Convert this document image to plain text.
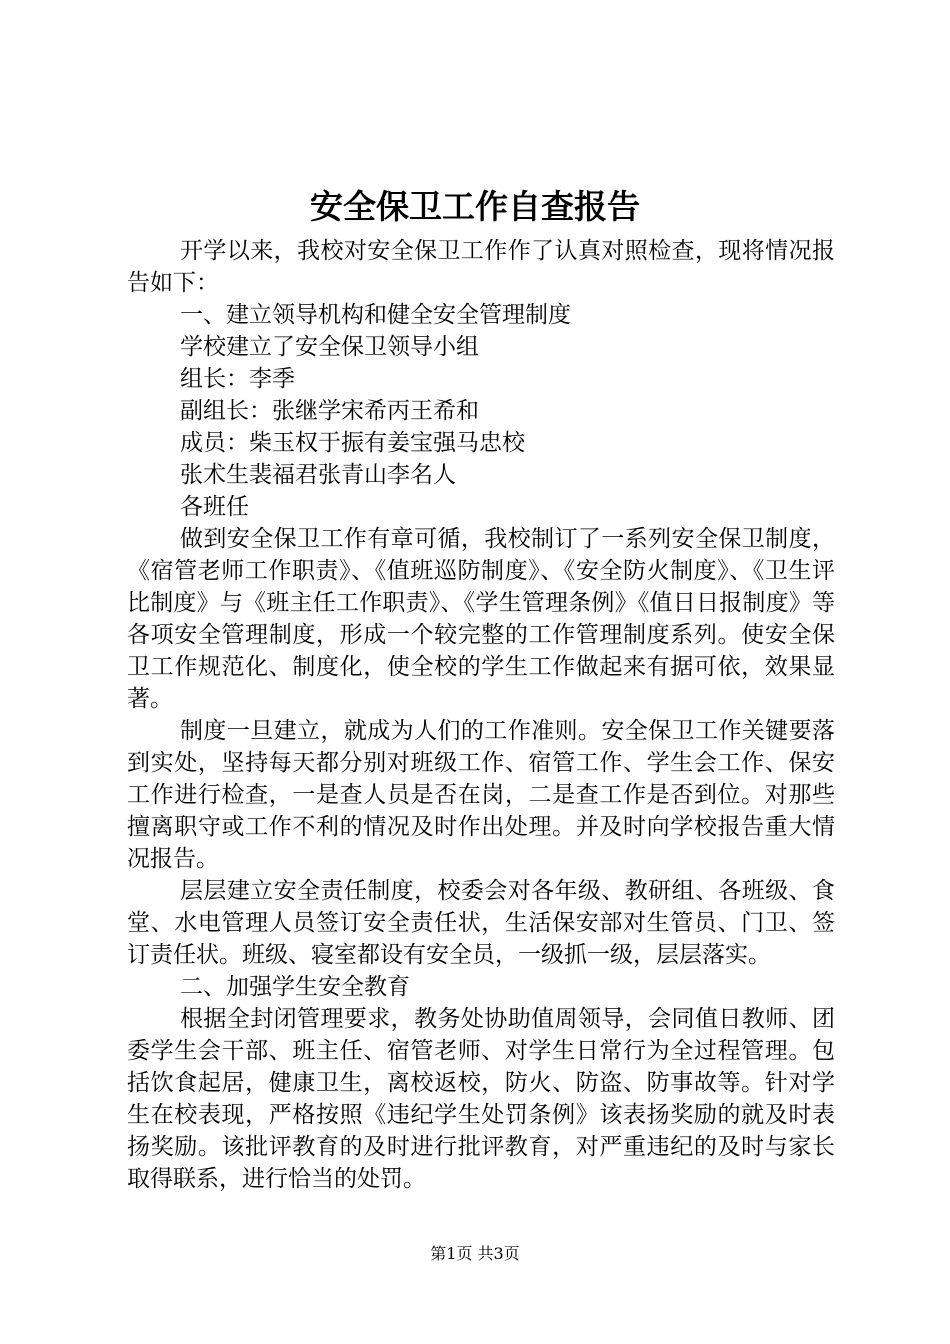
安全保卫工作自查报告

开学以来，我校对安全保卫工作作了认真对照检查，现将情况报告如下：

一、建立领导机构和健全安全管理制度

学校建立了安全保卫领导小组

组长：李季

副组长：张继学宋希丙王希和

成员：柴玉权于振有姜宝强马忠校

张术生裴福君张青山李名人

各班任

做到安全保卫工作有章可循，我校制订了一系列安全保卫制度，《宿管老师工作职责》、《值班巡防制度》、《安全防火制度》、《卫生评比制度》与《班主任工作职责》、《学生管理条例》《值日日报制度》等各项安全管理制度，形成一个较完整的工作管理制度系列。使安全保卫工作规范化、制度化，使全校的学生工作做起来有据可依，效果显著。

制度一旦建立，就成为人们的工作准则。安全保卫工作关键要落到实处，坚持每天都分别对班级工作、宿管工作、学生会工作、保安工作进行检查，一是查人员是否在岗，二是查工作是否到位。对那些擅离职守或工作不利的情况及时作出处理。并及时向学校报告重大情况报告。

层层建立安全责任制度，校委会对各年级、教研组、各班级、食堂、水电管理人员签订安全责任状，生活保安部对生管员、门卫、签订责任状。班级、寝室都设有安全员，一级抓一级，层层落实。

二、加强学生安全教育

根据全封闭管理要求，教务处协助值周领导，会同值日教师、团委学生会干部、班主任、宿管老师、对学生日常行为全过程管理。包括饮食起居，健康卫生，离校返校，防火、防盗、防事故等。针对学生在校表现，严格按照《违纪学生处罚条例》该表扬奖励的就及时表扬奖励。该批评教育的及时进行批评教育，对严重违纪的及时与家长取得联系，进行恰当的处罚。

第1页 共3页
